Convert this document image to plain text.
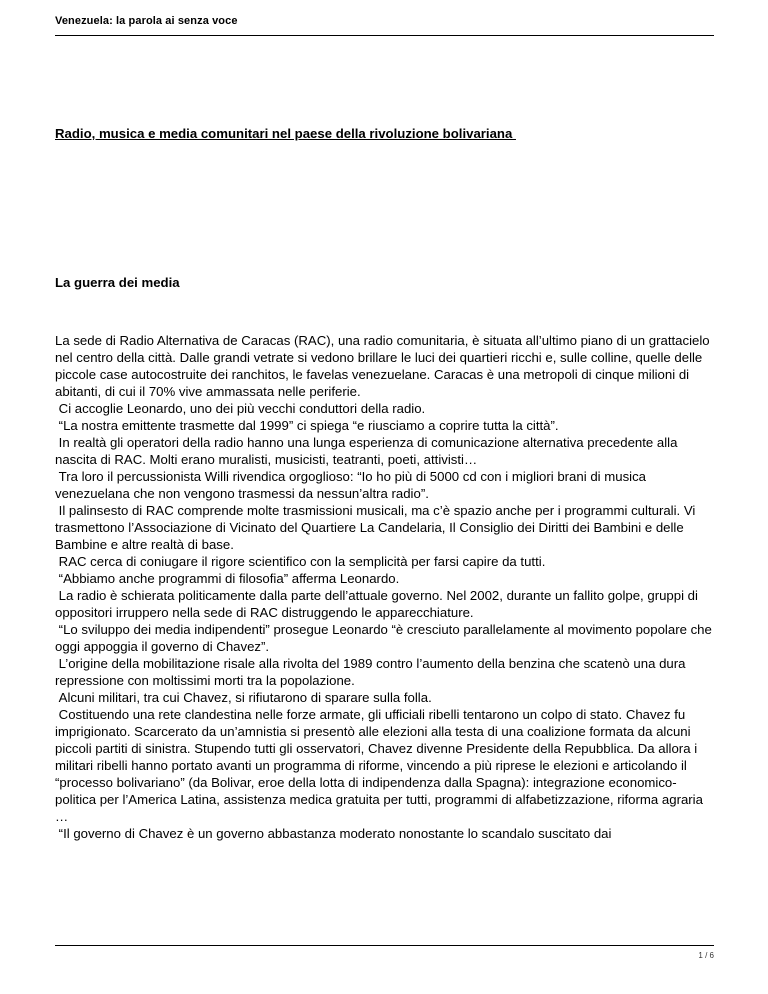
Venezuela: la parola ai senza voce
Radio, musica e media comunitari nel paese della rivoluzione bolivariana
La guerra dei media

La sede di Radio Alternativa de Caracas (RAC), una radio comunitaria, è situata all’ultimo piano di un grattacielo nel centro della città. Dalle grandi vetrate si vedono brillare le luci dei quartieri ricchi e, sulle colline, quelle delle piccole case autocostruite dei ranchitos, le favelas venezuelane. Caracas è una metropoli di cinque milioni di abitanti, di cui il 70% vive ammassata nelle periferie.

Ci accoglie Leonardo, uno dei più vecchi conduttori della radio.

“La nostra emittente trasmette dal 1999” ci spiega “e riusciamo a coprire tutta la città”.

In realtà gli operatori della radio hanno una lunga esperienza di comunicazione alternativa precedente alla nascita di RAC. Molti erano muralisti, musicisti, teatranti, poeti, attivisti…

Tra loro il percussionista Willi rivendica orgoglioso: “Io ho più di 5000 cd con i migliori brani di musica venezuelana che non vengono trasmessi da nessun’altra radio”.

Il palinsesto di RAC comprende molte trasmissioni musicali, ma c’è spazio anche per i programmi culturali. Vi trasmettono l’Associazione di Vicinato del Quartiere La Candelaria, Il Consiglio dei Diritti dei Bambini e delle Bambine e altre realtà di base.

RAC cerca di coniugare il rigore scientifico con la semplicità per farsi capire da tutti.

“Abbiamo anche programmi di filosofia” afferma Leonardo.

La radio è schierata politicamente dalla parte dell’attuale governo. Nel 2002, durante un fallito golpe, gruppi di oppositori irruppero nella sede di RAC distruggendo le apparecchiature.

“Lo sviluppo dei media indipendenti” prosegue Leonardo “è cresciuto parallelamente al movimento popolare che oggi appoggia il governo di Chavez”.

L’origine della mobilitazione risale alla rivolta del 1989 contro l’aumento della benzina che scatenò una dura repressione con moltissimi morti tra la popolazione.

Alcuni militari, tra cui Chavez, si rifiutarono di sparare sulla folla.

Costituendo una rete clandestina nelle forze armate, gli ufficiali ribelli tentarono un colpo di stato. Chavez fu imprigionato. Scarcerato da un’amnistia si presentò alle elezioni alla testa di una coalizione formata da alcuni piccoli partiti di sinistra. Stupendo tutti gli osservatori, Chavez divenne Presidente della Repubblica. Da allora i militari ribelli hanno portato avanti un programma di riforme, vincendo a più riprese le elezioni e articolando il “processo bolivariano” (da Bolivar, eroe della lotta di indipendenza dalla Spagna): integrazione economico-politica per l’America Latina, assistenza medica gratuita per tutti, programmi di alfabetizzazione, riforma agraria …

“Il governo di Chavez è un governo abbastanza moderato nonostante lo scandalo suscitato dai

1 / 6
